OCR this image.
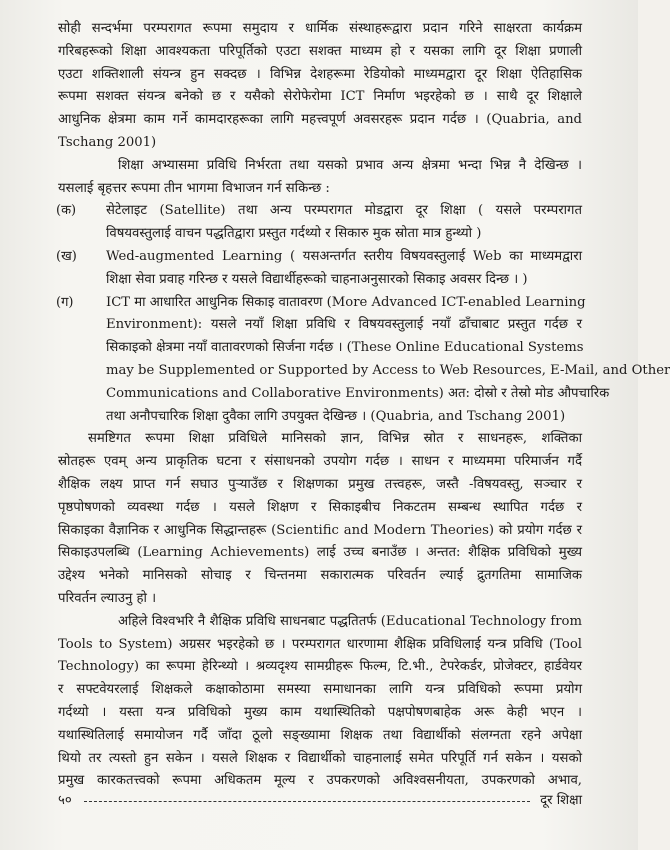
सोही सन्दर्भमा परम्परागत रूपमा समुदाय र धार्मिक संस्थाहरूद्वारा प्रदान गरिने साक्षरता कार्यक्रम
गरिबहरूको शिक्षा आवश्यकता परिपूर्तिको एउटा सशक्त माध्यम हो र यसका लागि दूर शिक्षा प्रणाली
एउटा शक्तिशाली संयन्त्र हुन सक्दछ । विभिन्न देशहरूमा रेडियोको माध्यमद्वारा दूर शिक्षा ऐतिहासिक
रूपमा सशक्त संयन्त्र बनेको छ र यसैको सेरोफेरोमा ICT निर्माण भइरहेको छ । साथै दूर शिक्षाले
आधुनिक क्षेत्रमा काम गर्ने कामदारहरूका लागि महत्त्वपूर्ण अवसरहरू प्रदान गर्दछ । (Quabria, and
Tschang 2001)
शिक्षा अभ्यासमा प्रविधि निर्भरता तथा यसको प्रभाव अन्य क्षेत्रमा भन्दा भिन्न नै देखिन्छ ।
यसलाई बृहत्तर रूपमा तीन भागमा विभाजन गर्न सकिन्छ :
(क) सेटेलाइट (Satellite) तथा अन्य परम्परागत मोडद्वारा दूर शिक्षा ( यसले परम्परागत
विषयवस्तुलाई वाचन पद्धतिद्वारा प्रस्तुत गर्दथ्यो र सिकारु मुक स्रोता मात्र हुन्थ्यो )
(ख) Wed-augmented Learning ( यसअन्तर्गत स्तरीय विषयवस्तुलाई Web का माध्यमद्वारा
शिक्षा सेवा प्रवाह गरिन्छ र यसले विद्यार्थीहरूको चाहनाअनुसारको सिकाइ अवसर दिन्छ । )
(ग) ICT मा आधारित आधुनिक सिकाइ वातावरण (More Advanced ICT-enabled Learning
Environment): यसले नयाँ शिक्षा प्रविधि र विषयवस्तुलाई नयाँ ढाँचाबाट प्रस्तुत गर्दछ र
सिकाइको क्षेत्रमा नयाँ वातावरणको सिर्जना गर्दछ । (These Online Educational Systems
may be Supplemented or Supported by Access to Web Resources, E-Mail, and Other
Communications and Collaborative Environments) अत: दोस्रो र तेस्रो मोड औपचारिक
तथा अनौपचारिक शिक्षा दुवैका लागि उपयुक्त देखिन्छ । (Quabria, and Tschang 2001)
समष्टिगत रूपमा शिक्षा प्रविधिले मानिसको ज्ञान, विभिन्न स्रोत र साधनहरू, शक्तिका
स्रोतहरू एवम् अन्य प्राकृतिक घटना र संसाधनको उपयोग गर्दछ । साधन र माध्यममा परिमार्जन गर्दै
शैक्षिक लक्ष्य प्राप्त गर्न सघाउ पुऱ्याउँछ र शिक्षणका प्रमुख तत्त्वहरू, जस्तै -विषयवस्तु, सञ्चार र
पृष्ठपोषणको व्यवस्था गर्दछ । यसले शिक्षण र सिकाइबीच निकटतम सम्बन्ध स्थापित गर्दछ र
सिकाइका वैज्ञानिक र आधुनिक सिद्धान्तहरू (Scientific and Modern Theories) को प्रयोग गर्दछ र
सिकाइउपलब्धि (Learning Achievements) लाई उच्च बनाउँछ । अन्तत: शैक्षिक प्रविधिको मुख्य
उद्देश्य भनेको मानिसको सोचाइ र चिन्तनमा सकारात्मक परिवर्तन ल्याई द्रुतगतिमा सामाजिक
परिवर्तन ल्याउनु हो ।
अहिले विश्वभरि नै शैक्षिक प्रविधि साधनबाट पद्धतितर्फ (Educational Technology from
Tools to System) अग्रसर भइरहेको छ । परम्परागत धारणामा शैक्षिक प्रविधिलाई यन्त्र प्रविधि (Tool
Technology) का रूपमा हेरिन्थ्यो । श्रव्यदृश्य सामग्रीहरू फिल्म, टि.भी., टेपरेकर्डर, प्रोजेक्टर, हार्डवेयर
र सफ्टवेयरलाई शिक्षकले कक्षाकोठामा समस्या समाधानका लागि यन्त्र प्रविधिको रूपमा प्रयोग
गर्दथ्यो । यस्ता यन्त्र प्रविधिको मुख्य काम यथास्थितिको पक्षपोषणबाहेक अरू केही भएन ।
यथास्थितिलाई समायोजन गर्दै जाँदा ठूलो सङ्ख्यामा शिक्षक तथा विद्यार्थीको संलग्नता रहने अपेक्षा
थियो तर त्यस्तो हुन सकेन । यसले शिक्षक र विद्यार्थीको चाहनालाई समेत परिपूर्ति गर्न सकेन । यसको
प्रमुख कारकतत्त्वको रूपमा अधिकतम मूल्य र उपकरणको अविश्वसनीयता, उपकरणको अभाव,
५०	दूर शिक्षा
